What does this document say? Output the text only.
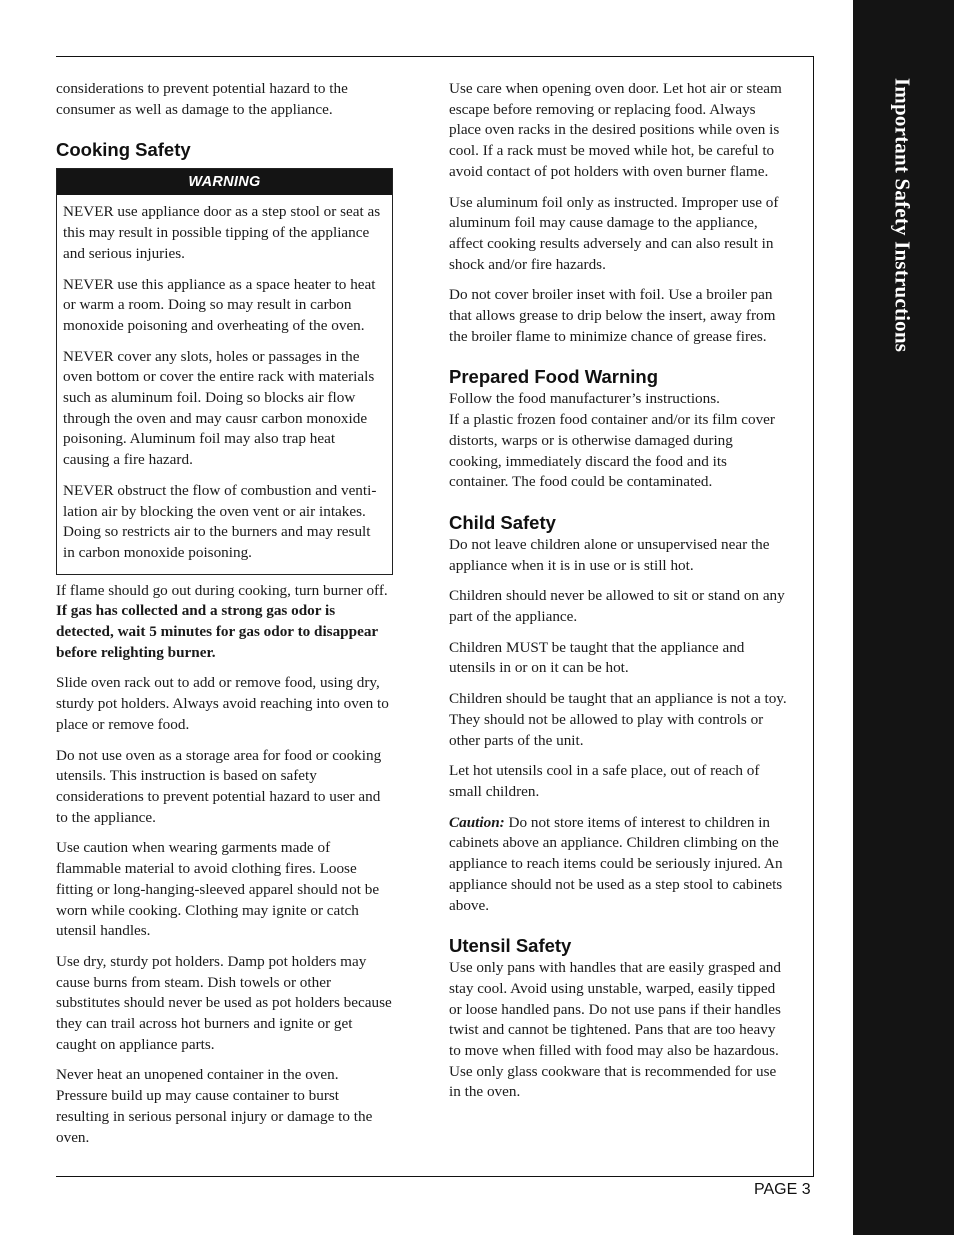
Important Safety Instructions

considerations to prevent potential hazard to the consumer as well as damage to the appliance.

Cooking Safety
WARNING

NEVER use appliance door as a step stool or seat as this may result in possible tipping of the appliance and serious injuries.

NEVER use this appliance as a space heater to heat or warm a room. Doing so may result in carbon monoxide poisoning and overheating of the oven.

NEVER cover any slots, holes or passages in the oven bottom or cover the entire rack with materials such as aluminum foil. Doing so blocks air flow through the oven and may causr carbon monoxide poisoning. Aluminum foil may also trap heat causing a fire hazard.

NEVER obstruct the flow of combustion and venti-lation air by blocking the oven vent or air intakes. Doing so restricts air to the burners and may result in carbon monoxide poisoning.

If flame should go out during cooking, turn burner off. If gas has collected and a strong gas odor is detected, wait 5 minutes for gas odor to disappear before relighting burner.

Slide oven rack out to add or remove food, using dry, sturdy pot holders. Always avoid reaching into oven to place or remove food.

Do not use oven as a storage area for food or cooking utensils. This instruction is based on safety considerations to prevent potential hazard to user and to the appliance.

Use caution when wearing garments made of flammable material to avoid clothing fires. Loose fitting or long-hanging-sleeved apparel should not be worn while cooking. Clothing may ignite or catch utensil handles.

Use dry, sturdy pot holders. Damp pot holders may cause burns from steam. Dish towels or other substitutes should never be used as pot holders because they can trail across hot burners and ignite or get caught on appliance parts.

Never heat an unopened container in the oven. Pressure build up may cause container to burst resulting in serious personal injury or damage to the oven.

Use care when opening oven door. Let hot air or steam escape before removing or replacing food. Always place oven racks in the desired positions while oven is cool. If a rack must be moved while hot, be careful to avoid contact of pot holders with oven burner flame.

Use aluminum foil only as instructed. Improper use of aluminum foil may cause damage to the appliance, affect cooking results adversely and can also result in shock and/or fire hazards.

Do not cover broiler inset with foil. Use a broiler pan that allows grease to drip below the insert, away from the broiler flame to minimize chance of grease fires.

Prepared Food Warning

Follow the food manufacturer’s instructions.
If a plastic frozen food container and/or its film cover distorts, warps or is otherwise damaged during cooking, immediately discard the food and its container. The food could be contaminated.

Child Safety

Do not leave children alone or unsupervised near the appliance when it is in use or is still hot.

Children should never be allowed to sit or stand on any part of the appliance.

Children MUST be taught that the appliance and utensils in or on it can be hot.

Children should be taught that an appliance is not a toy. They should not be allowed to play with controls or other parts of the unit.

Let hot utensils cool in a safe place, out of reach of small children.

Caution: Do not store items of interest to children in cabinets above an appliance. Children climbing on the appliance to reach items could be seriously injured. An appliance should not be used as a step stool to cabinets above.

Utensil Safety

Use only pans with handles that are easily grasped and stay cool. Avoid using unstable, warped, easily tipped or loose handled pans. Do not use pans if their handles twist and cannot be tightened. Pans that are too heavy to move when filled with food may also be hazardous. Use only glass cookware that is recommended for use in the oven.

PAGE 3
